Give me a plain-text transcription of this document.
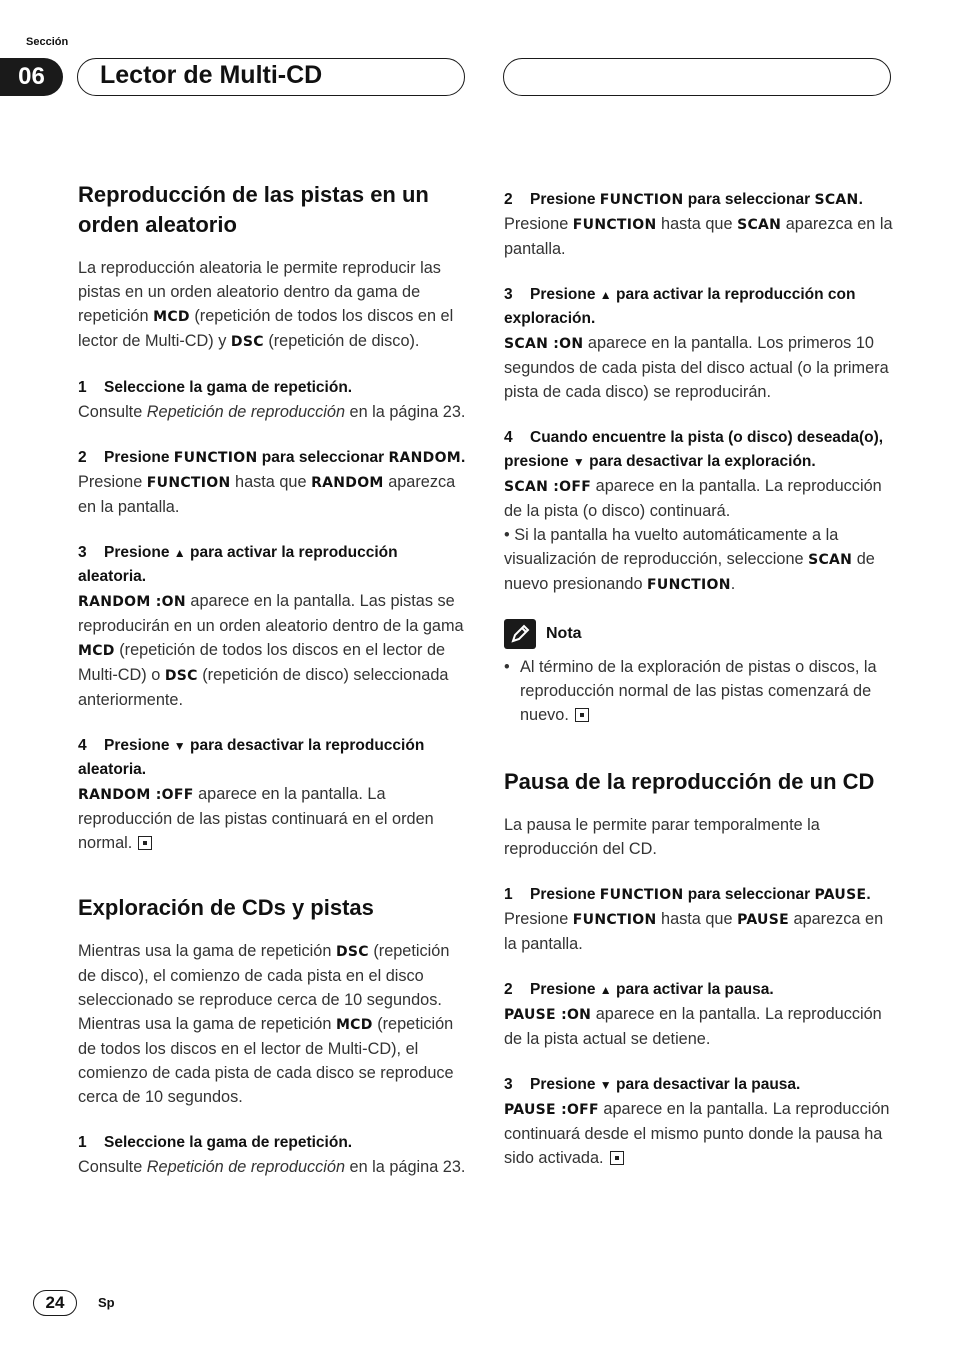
Sección
06	Lector de Multi-CD
Reproducción de las pistas en un orden aleatorio

La reproducción aleatoria le permite reproducir las pistas en un orden aleatorio dentro da gama de repetición MCD (repetición de todos los discos en el lector de Multi-CD) y DSC (repetición de disco).

1 Seleccione la gama de repetición.

Consulte Repetición de reproducción en la página 23.

2 Presione FUNCTION para seleccionar RANDOM.

Presione FUNCTION hasta que RANDOM aparezca en la pantalla.

3 Presione ▲ para activar la reproducción aleatoria.

RANDOM :ON aparece en la pantalla. Las pistas se reproducirán en un orden aleatorio dentro de la gama MCD (repetición de todos los discos en el lector de Multi-CD) o DSC (repetición de disco) seleccionada anteriormente.

4 Presione ▼ para desactivar la reproducción aleatoria.

RANDOM :OFF aparece en la pantalla. La reproducción de las pistas continuará en el orden normal.

Exploración de CDs y pistas

Mientras usa la gama de repetición DSC (repetición de disco), el comienzo de cada pista en el disco seleccionado se reproduce cerca de 10 segundos. Mientras usa la gama de repetición MCD (repetición de todos los discos en el lector de Multi-CD), el comienzo de cada pista de cada disco se reproduce cerca de 10 segundos.

1 Seleccione la gama de repetición.

Consulte Repetición de reproducción en la página 23.

2 Presione FUNCTION para seleccionar SCAN.

Presione FUNCTION hasta que SCAN aparezca en la pantalla.

3 Presione ▲ para activar la reproducción con exploración.

SCAN :ON aparece en la pantalla. Los primeros 10 segundos de cada pista del disco actual (o la primera pista de cada disco) se reproducirán.

4 Cuando encuentre la pista (o disco) deseada(o), presione ▼ para desactivar la exploración.

SCAN :OFF aparece en la pantalla. La reproducción de la pista (o disco) continuará.

• Si la pantalla ha vuelto automáticamente a la visualización de reproducción, seleccione SCAN de nuevo presionando FUNCTION.

Nota
• Al término de la exploración de pistas o discos, la reproducción normal de las pistas comenzará de nuevo.

Pausa de la reproducción de un CD

La pausa le permite parar temporalmente la reproducción del CD.

1 Presione FUNCTION para seleccionar PAUSE.

Presione FUNCTION hasta que PAUSE aparezca en la pantalla.

2 Presione ▲ para activar la pausa.

PAUSE :ON aparece en la pantalla. La reproducción de la pista actual se detiene.

3 Presione ▼ para desactivar la pausa.

PAUSE :OFF aparece en la pantalla. La reproducción continuará desde el mismo punto donde la pausa ha sido activada.

24	Sp
